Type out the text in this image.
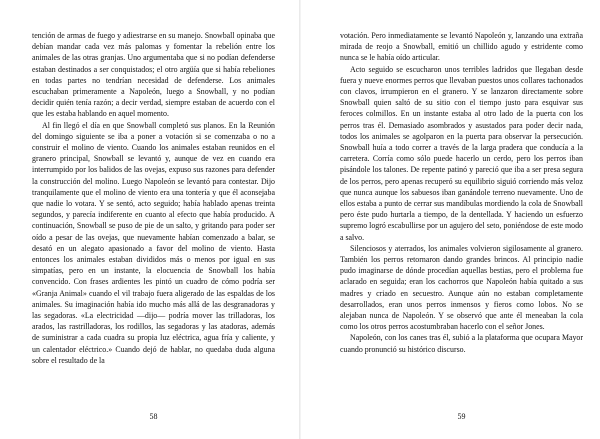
tención de armas de fuego y adiestrarse en su manejo. Snowball opinaba que debían mandar cada vez más palomas y fomentar la rebelión entre los animales de las otras granjas. Uno argumentaba que si no podían defenderse estaban destinados a ser conquistados; el otro argüía que si había rebeliones en todas partes no tendrían necesidad de defenderse. Los animales escuchaban primeramente a Napoleón, luego a Snowball, y no podían decidir quién tenía razón; a decir verdad, siempre estaban de acuerdo con el que les estaba hablando en aquel momento.

Al fin llegó el día en que Snowball completó sus planos. En la Reunión del domingo siguiente se iba a poner a votación si se comenzaba o no a construir el molino de viento. Cuando los animales estaban reunidos en el granero principal, Snowball se levantó y, aunque de vez en cuando era interrumpido por los balidos de las ovejas, expuso sus razones para defender la construcción del molino. Luego Napoleón se levantó para contestar. Dijo tranquilamente que el molino de viento era una tontería y que él aconsejaba que nadie lo votara. Y se sentó, acto seguido; había hablado apenas treinta segundos, y parecía indiferente en cuanto al efecto que había producido. A continuación, Snowball se puso de pie de un salto, y gritando para poder ser oído a pesar de las ovejas, que nuevamente habían comenzado a balar, se desató en un alegato apasionado a favor del molino de viento. Hasta entonces los animales estaban divididos más o menos por igual en sus simpatías, pero en un instante, la elocuencia de Snowball los había convencido. Con frases ardientes les pintó un cuadro de cómo podría ser «Granja Animal» cuando el vil trabajo fuera aligerado de las espaldas de los animales. Su imaginación había ido mucho más allá de las desgranadoras y las segadoras. «La electricidad —dijo— podría mover las trilladoras, los arados, las rastrilladoras, los rodillos, las segadoras y las atadoras, además de suministrar a cada cuadra su propia luz eléctrica, agua fría y caliente, y un calentador eléctrico.» Cuando dejó de hablar, no quedaba duda alguna sobre el resultado de la

58

votación. Pero inmediatamente se levantó Napoleón y, lanzando una extraña mirada de reojo a Snowball, emitió un chillido agudo y estridente como nunca se le había oído articular.

Acto seguido se escucharon unos terribles ladridos que llegaban desde fuera y nueve enormes perros que llevaban puestos unos collares tachonados con clavos, irrumpieron en el granero. Y se lanzaron directamente sobre Snowball quien saltó de su sitio con el tiempo justo para esquivar sus feroces colmillos. En un instante estaba al otro lado de la puerta con los perros tras él. Demasiado asombrados y asustados para poder decir nada, todos los animales se agolparon en la puerta para observar la persecución. Snowball huía a todo correr a través de la larga pradera que conducía a la carretera. Corría como sólo puede hacerlo un cerdo, pero los perros iban pisándole los talones. De repente patinó y pareció que iba a ser presa segura de los perros, pero apenas recuperó su equilibrio siguió corriendo más veloz que nunca aunque los sabuesos iban ganándole terreno nuevamente. Uno de ellos estaba a punto de cerrar sus mandíbulas mordiendo la cola de Snowball pero éste pudo hurtarla a tiempo, de la dentellada. Y haciendo un esfuerzo supremo logró escabullirse por un agujero del seto, poniéndose de este modo a salvo.

Silenciosos y aterrados, los animales volvieron sigilosamente al granero. También los perros retornaron dando grandes brincos. Al principio nadie pudo imaginarse de dónde procedían aquellas bestias, pero el problema fue aclarado en seguida; eran los cachorros que Napoleón había quitado a sus madres y criado en secuestro. Aunque aún no estaban completamente desarrollados, eran unos perros inmensos y fieros como lobos. No se alejaban nunca de Napoleón. Y se observó que ante él meneaban la cola como los otros perros acostumbraban hacerlo con el señor Jones.

Napoleón, con los canes tras él, subió a la plataforma que ocupara Mayor cuando pronunció su histórico discurso.

59
